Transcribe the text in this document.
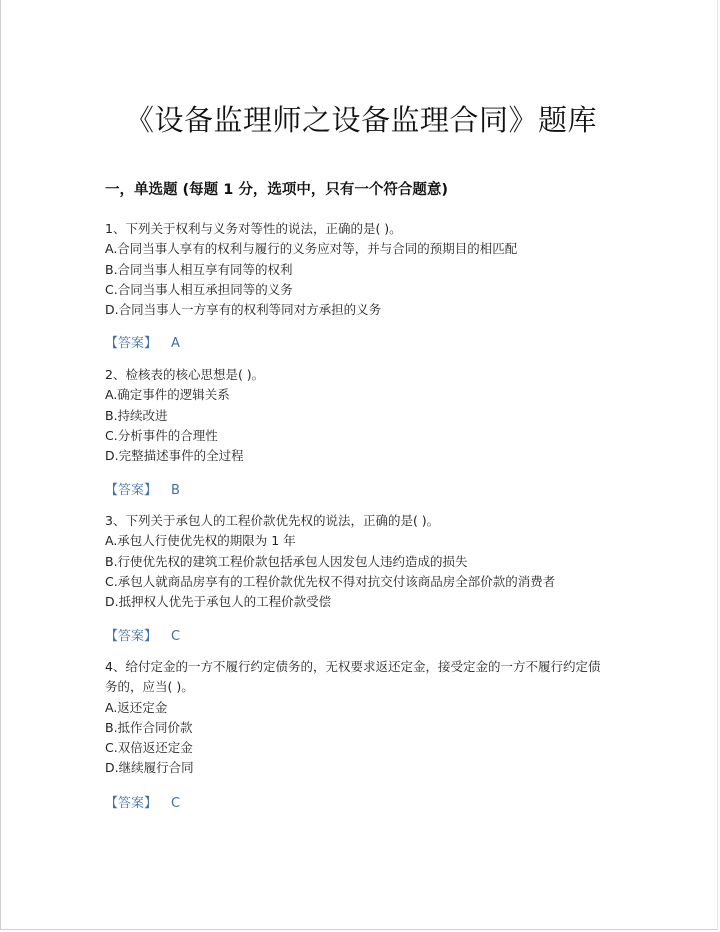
《设备监理师之设备监理合同》题库
一，单选题 (每题 1 分，选项中，只有一个符合题意)
1、下列关于权利与义务对等性的说法，正确的是( )。
A.合同当事人享有的权利与履行的义务应对等，并与合同的预期目的相匹配
B.合同当事人相互享有同等的权利
C.合同当事人相互承担同等的义务
D.合同当事人一方享有的权利等同对方承担的义务
【答案】 A
2、检核表的核心思想是( )。
A.确定事件的逻辑关系
B.持续改进
C.分析事件的合理性
D.完整描述事件的全过程
【答案】 B
3、下列关于承包人的工程价款优先权的说法，正确的是( )。
A.承包人行使优先权的期限为 1 年
B.行使优先权的建筑工程价款包括承包人因发包人违约造成的损失
C.承包人就商品房享有的工程价款优先权不得对抗交付该商品房全部价款的消费者
D.抵押权人优先于承包人的工程价款受偿
【答案】 C
4、给付定金的一方不履行约定债务的，无权要求返还定金，接受定金的一方不履行约定债务的，应当( )。
A.返还定金
B.抵作合同价款
C.双倍返还定金
D.继续履行合同
【答案】 C
